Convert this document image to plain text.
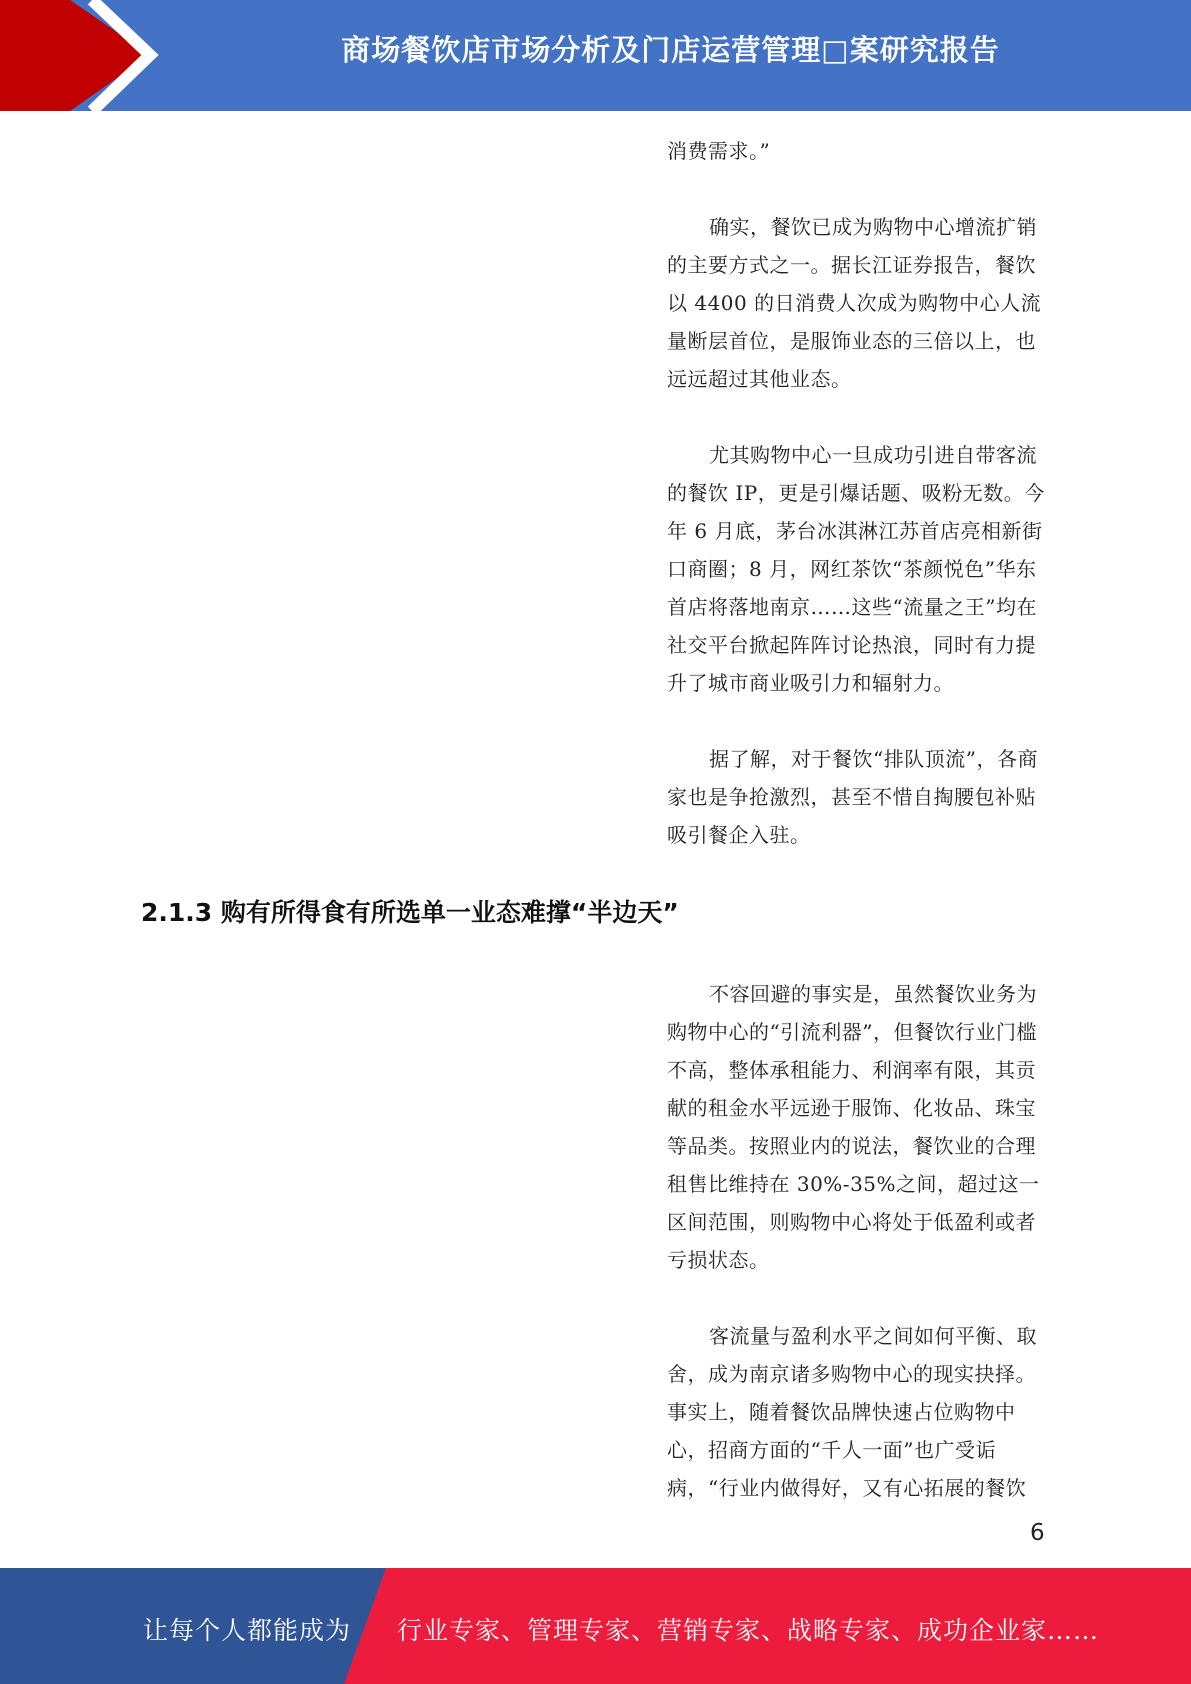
商场餐饮店市场分析及门店运营管理□案研究报告

消费需求。”

确实，餐饮已成为购物中心增流扩销的主要方式之一。据长江证券报告，餐饮以 4400 的日消费人次成为购物中心人流量断层首位，是服饰业态的三倍以上，也远远超过其他业态。

尤其购物中心一旦成功引进自带客流的餐饮 IP，更是引爆话题、吸粉无数。今年 6 月底，茅台冰淇淋江苏首店亮相新街口商圈；8 月，网红茶饮“茶颜悦色”华东首店将落地南京……这些“流量之王”均在社交平台掀起阵阵讨论热浪，同时有力提升了城市商业吸引力和辐射力。

据了解，对于餐饮“排队顶流”，各商家也是争抢激烈，甚至不惜自掏腰包补贴吸引餐企入驻。

2.1.3 购有所得食有所选单一业态难撑“半边天”

不容回避的事实是，虽然餐饮业务为购物中心的“引流利器”，但餐饮行业门槛不高，整体承租能力、利润率有限，其贡献的租金水平远逊于服饰、化妆品、珠宝等品类。按照业内的说法，餐饮业的合理租售比维持在 30%-35%之间，超过这一区间范围，则购物中心将处于低盈利或者亏损状态。

客流量与盈利水平之间如何平衡、取舍，成为南京诸多购物中心的现实抉择。事实上，随着餐饮品牌快速占位购物中心，招商方面的“千人一面”也广受诟病，“行业内做得好，又有心拓展的餐饮

6
让每个人都能成为 行业专家、管理专家、营销专家、战略专家、成功企业家……
